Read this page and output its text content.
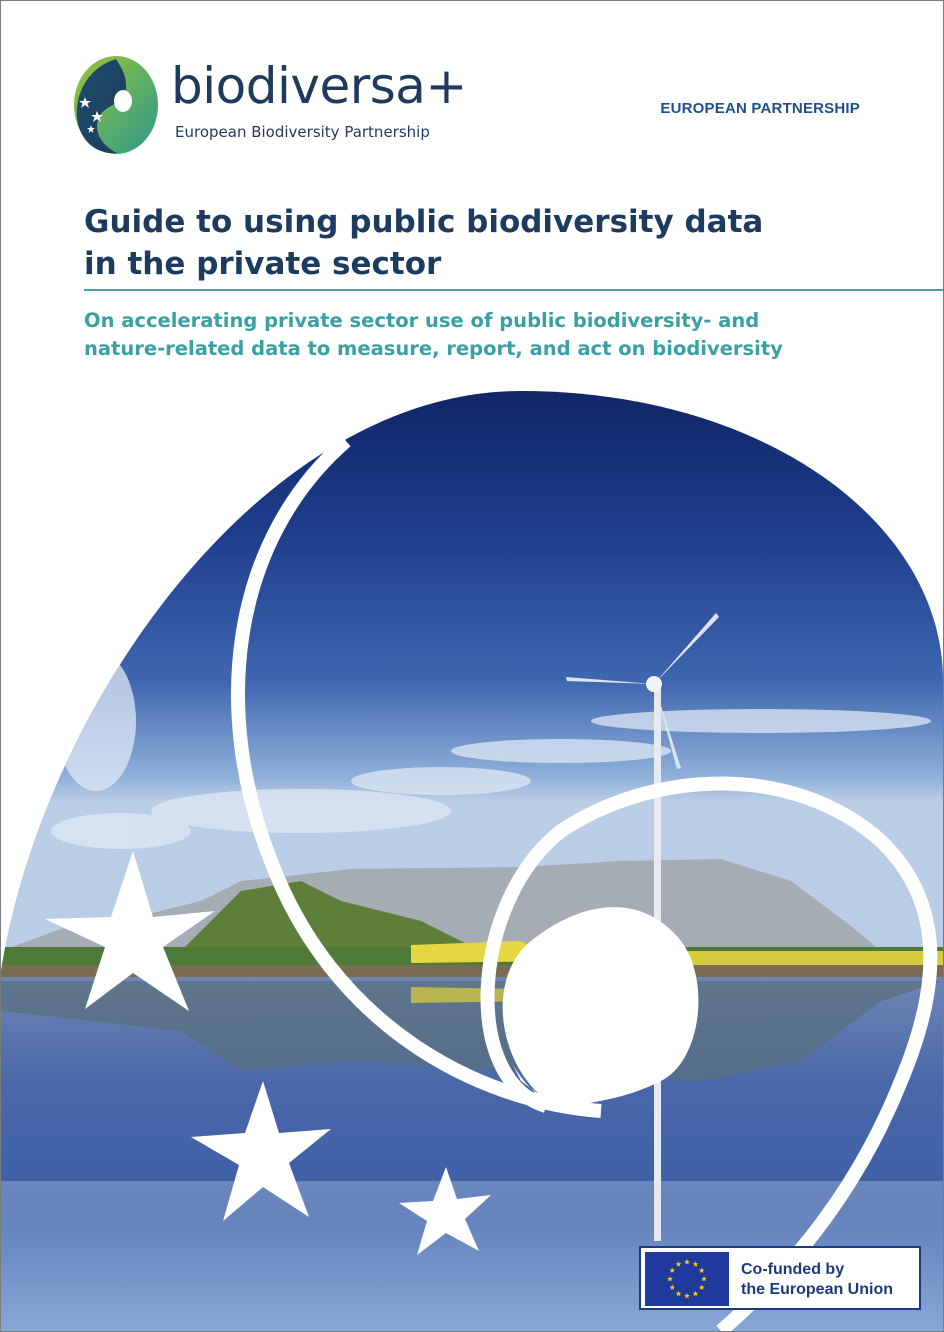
biodiversa+
European Biodiversity Partnership
EUROPEAN PARTNERSHIP
Guide to using public biodiversity data
in the private sector
On accelerating private sector use of public biodiversity- and
nature-related data to measure, report, and act on biodiversity
Co-funded by
the European Union
